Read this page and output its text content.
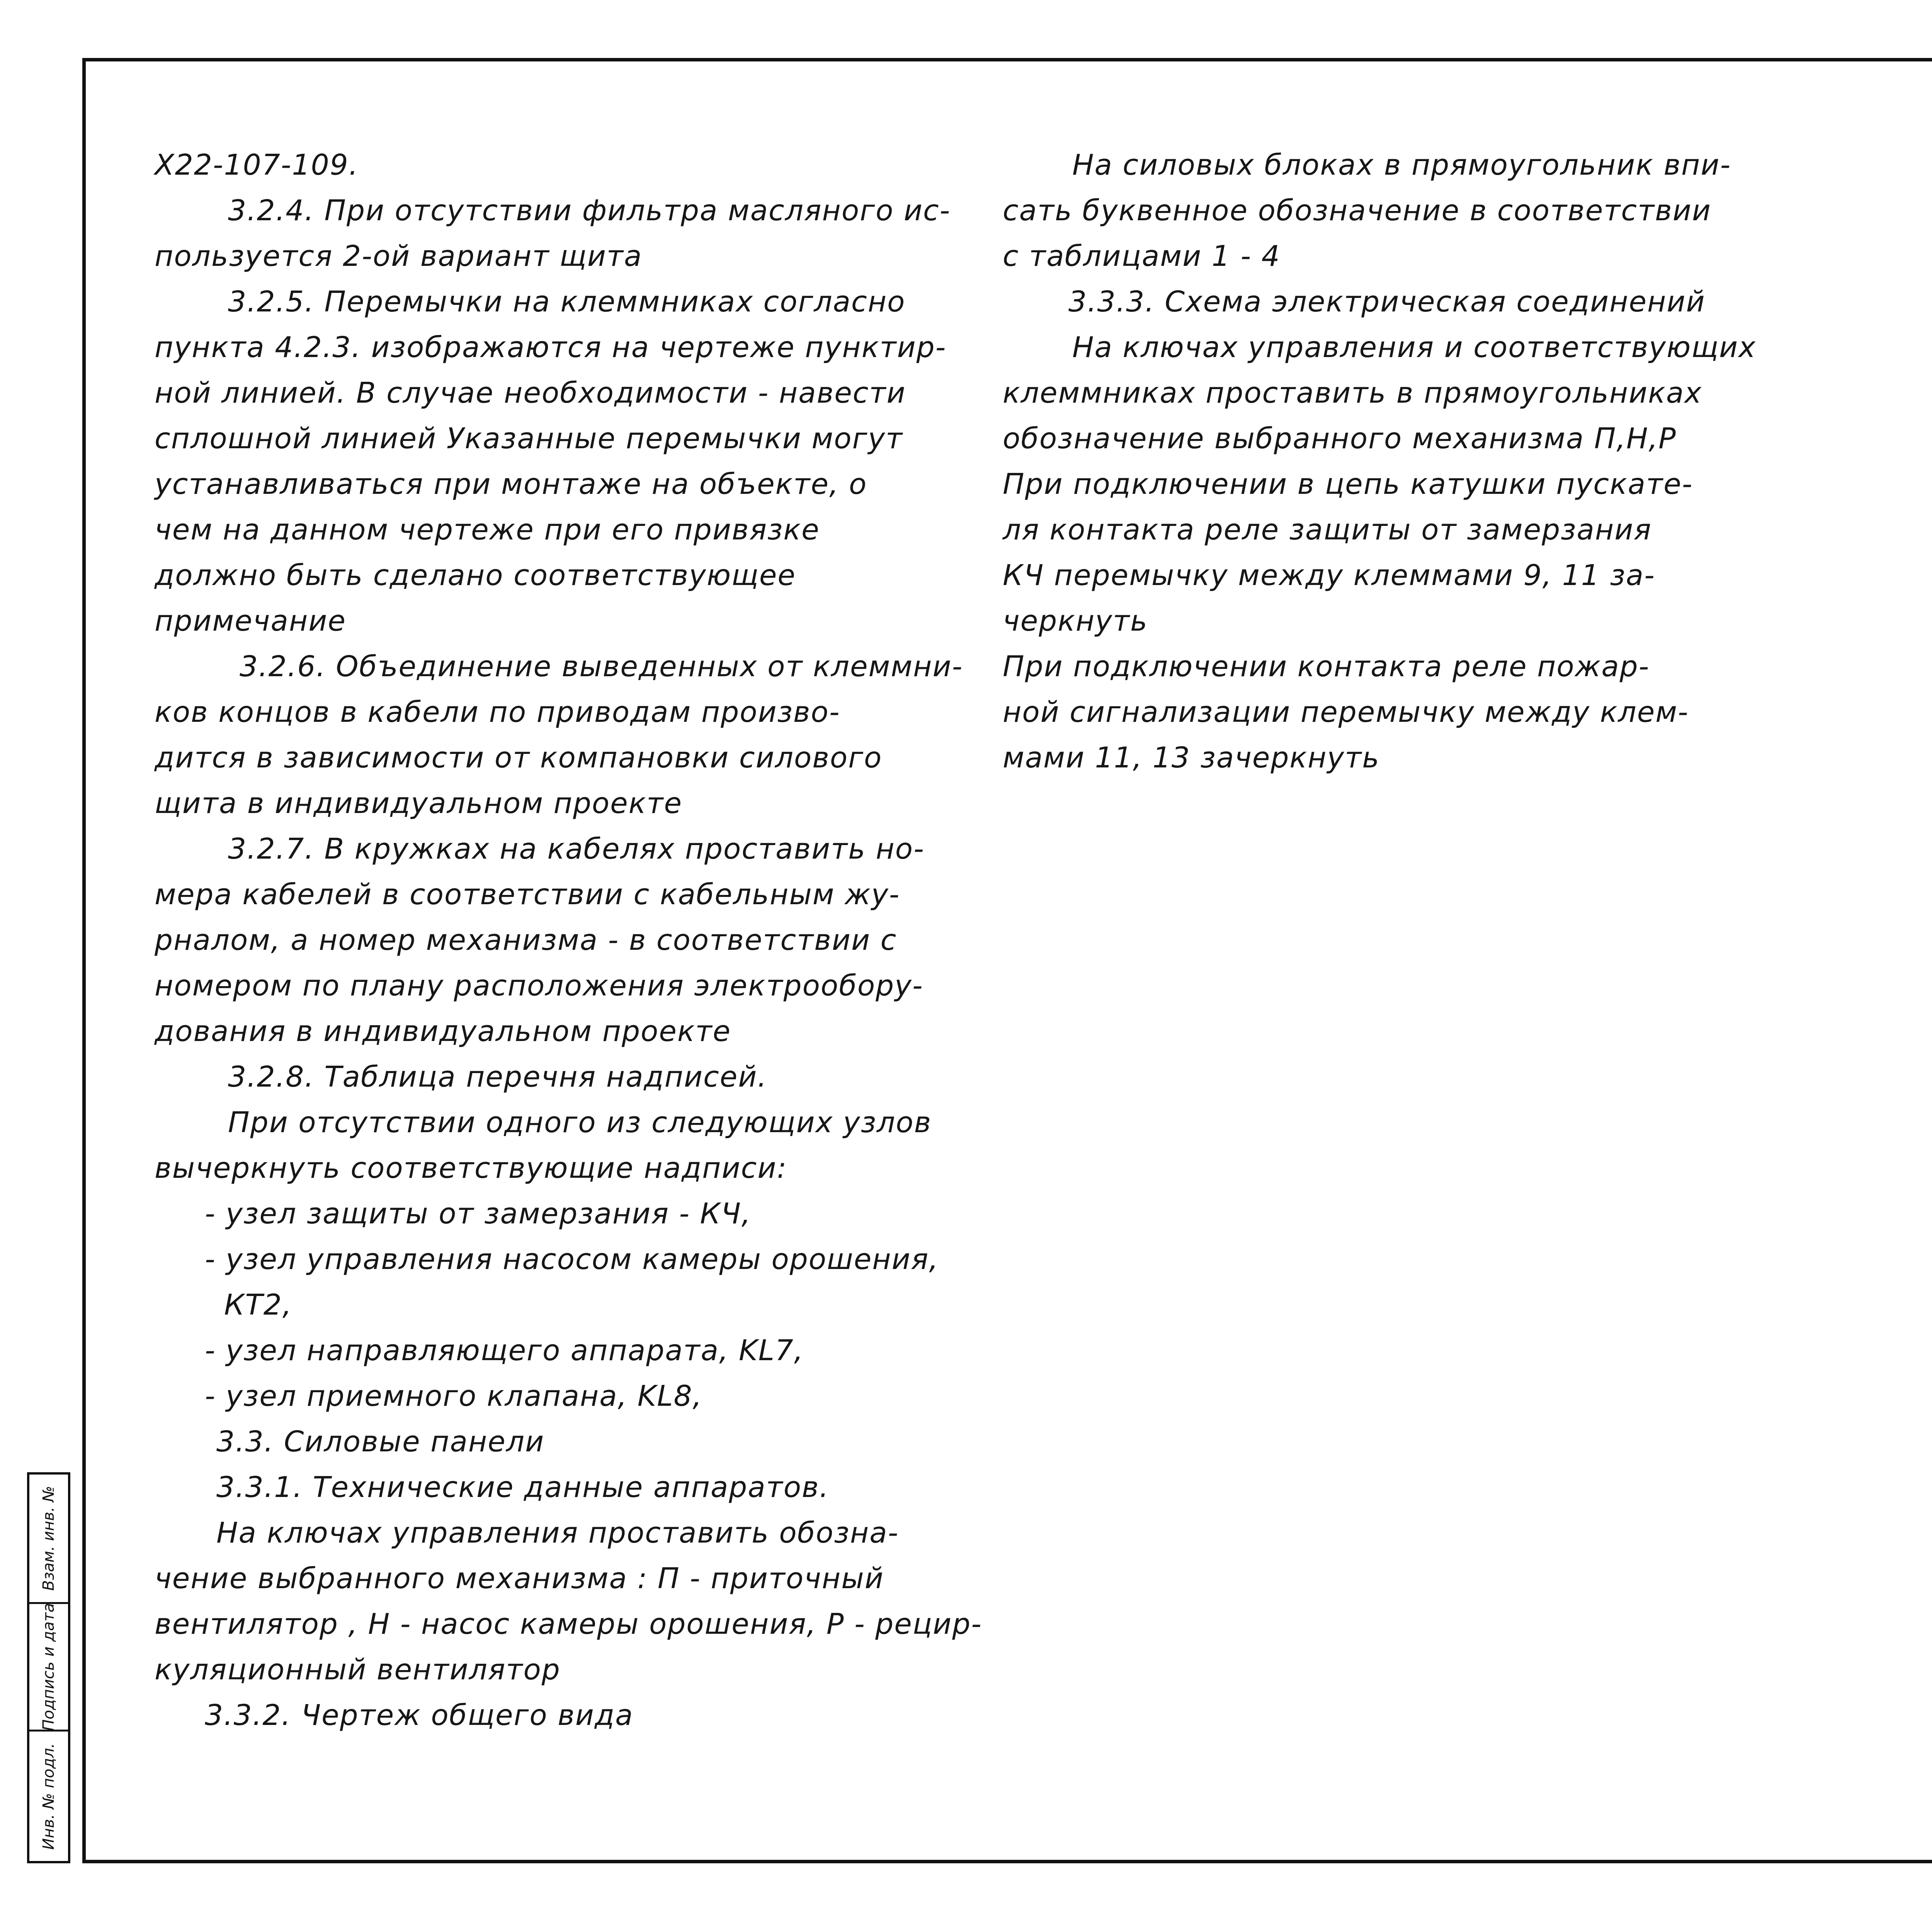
Х22-107-109.
3.2.4. При отсутствии фильтра масляного ис-
пользуется 2-ой вариант щита
3.2.5. Перемычки на клеммниках согласно
пункта 4.2.3. изображаются на чертеже пунктир-
ной линией. В случае необходимости - навести
сплошной линией Указанные перемычки могут
устанавливаться при монтаже на объекте, о
чем на данном чертеже при его привязке
должно быть сделано соответствующее
примечание
3.2.6. Объединение выведенных от клеммни-
ков концов в кабели по приводам произво-
дится в зависимости от компановки силового
щита в индивидуальном проекте
3.2.7. В кружках на кабелях проставить но-
мера кабелей в соответствии с кабельным жу-
рналом, а номер механизма - в соответствии с
номером по плану расположения электрообору-
дования в индивидуальном проекте
3.2.8. Таблица перечня надписей.
При отсутствии одного из следующих узлов
вычеркнуть соответствующие надписи:
- узел защиты от замерзания - КЧ,
- узел управления насосом камеры орошения,
КТ2,
- узел направляющего аппарата, KL7,
- узел приемного клапана, KL8,
3.3. Силовые панели
3.3.1. Технические данные аппаратов.
На ключах управления проставить обозна-
чение выбранного механизма : П - приточный
вентилятор , Н - насос камеры орошения, Р - рецир-
куляционный вентилятор
3.3.2. Чертеж общего вида
На силовых блоках в прямоугольник впи-
сать буквенное обозначение в соответствии
с таблицами 1 - 4
3.3.3. Схема электрическая соединений
На ключах управления и соответствующих
клеммниках проставить в прямоугольниках
обозначение выбранного механизма П,Н,Р
При подключении в цепь катушки пускате-
ля контакта реле защиты от замерзания
КЧ перемычку между клеммами 9, 11 за-
черкнуть
При подключении контакта реле пожар-
ной сигнализации перемычку между клем-
мами 11, 13 зачеркнуть
Взам. инв. №
Подпись и дата
Инв. № подл.
